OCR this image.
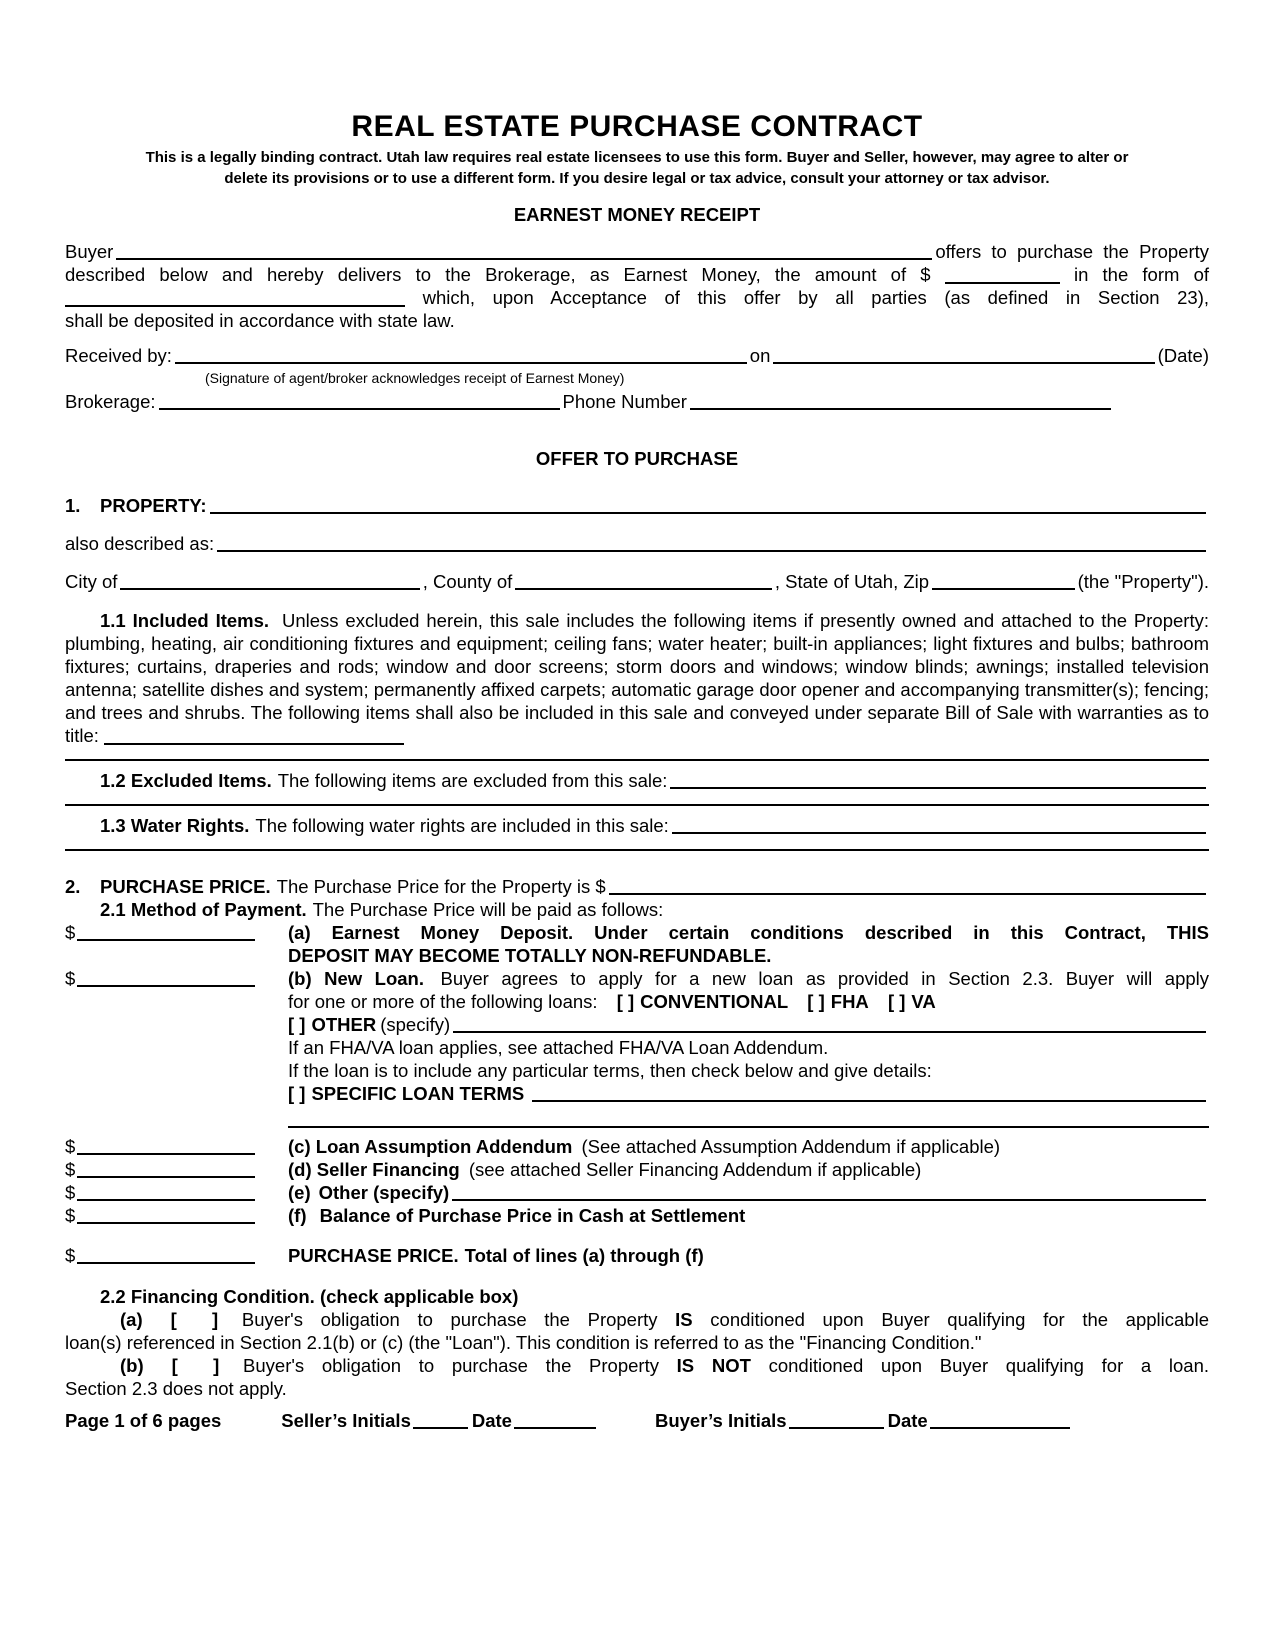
REAL ESTATE PURCHASE CONTRACT
This is a legally binding contract. Utah law requires real estate licensees to use this form. Buyer and Seller, however, may agree to alter or
delete its provisions or to use a different form. If you desire legal or tax advice, consult your attorney or tax advisor.
EARNEST MONEY RECEIPT
Buyer	offers to purchase the Property
described below and hereby delivers to the Brokerage, as Earnest Money, the amount of $	in the form of
which, upon Acceptance of this offer by all parties (as defined in Section 23),
shall be deposited in accordance with state law.
Received by:	on	(Date)
(Signature of agent/broker acknowledges receipt of Earnest Money)
Brokerage:	Phone Number
OFFER TO PURCHASE
1.	PROPERTY:
also described as:
City of	, County of	, State of Utah, Zip	(the "Property").

1.1 Included Items. Unless excluded herein, this sale includes the following items if presently owned and attached to the Property: plumbing, heating, air conditioning fixtures and equipment; ceiling fans; water heater; built-in appliances; light fixtures and bulbs; bathroom fixtures; curtains, draperies and rods; window and door screens; storm doors and windows; window blinds; awnings; installed television antenna; satellite dishes and system; permanently affixed carpets; automatic garage door opener and accompanying transmitter(s); fencing; and trees and shrubs. The following items shall also be included in this sale and conveyed under separate Bill of Sale with warranties as to title:

1.2 Excluded Items. The following items are excluded from this sale:
1.3 Water Rights. The following water rights are included in this sale:
2.	PURCHASE PRICE. The Purchase Price for the Property is $
2.1 Method of Payment. The Purchase Price will be paid as follows:
$	(a) Earnest Money Deposit. Under certain conditions described in this Contract, THIS
DEPOSIT MAY BECOME TOTALLY NON-REFUNDABLE.
$	(b) New Loan. Buyer agrees to apply for a new loan as provided in Section 2.3. Buyer will apply
for one or more of the following loans: [ ] CONVENTIONAL [ ] FHA [ ] VA
[ ] OTHER (specify)
If an FHA/VA loan applies, see attached FHA/VA Loan Addendum.
If the loan is to include any particular terms, then check below and give details:
[ ] SPECIFIC LOAN TERMS
$	(c) Loan Assumption Addendum (See attached Assumption Addendum if applicable)
$	(d) Seller Financing (see attached Seller Financing Addendum if applicable)
$	(e) Other (specify)
$	(f) Balance of Purchase Price in Cash at Settlement
$	PURCHASE PRICE. Total of lines (a) through (f)
2.2 Financing Condition. (check applicable box)
(a) [  ] Buyer's obligation to purchase the Property IS conditioned upon Buyer qualifying for the applicable
loan(s) referenced in Section 2.1(b) or (c) (the "Loan"). This condition is referred to as the "Financing Condition."
(b) [  ] Buyer's obligation to purchase the Property IS NOT conditioned upon Buyer qualifying for a loan.
Section 2.3 does not apply.
Page 1 of 6 pages	Seller’s Initials	Date	Buyer’s Initials	Date
